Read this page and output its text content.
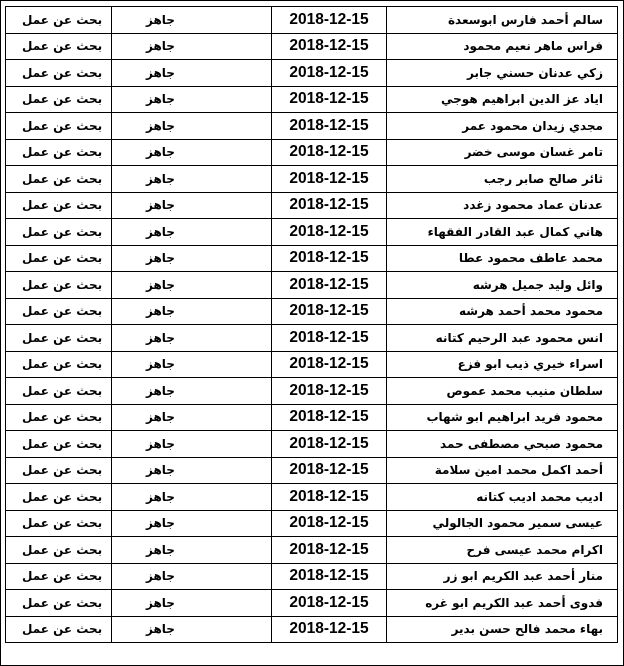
بحث عن عمل	جاهز	2018-12-15	سالم أحمد فارس ابوسعدة
بحث عن عمل	جاهز	2018-12-15	فراس ماهر نعيم محمود
بحث عن عمل	جاهز	2018-12-15	زكي عدنان حسني جابر
بحث عن عمل	جاهز	2018-12-15	اياد عز الدين ابراهيم هوجي
بحث عن عمل	جاهز	2018-12-15	مجدي زيدان محمود عمر
بحث عن عمل	جاهز	2018-12-15	تامر غسان موسى خضر
بحث عن عمل	جاهز	2018-12-15	ثائر صالح صابر رجب
بحث عن عمل	جاهز	2018-12-15	عدنان عماد محمود زغدد
بحث عن عمل	جاهز	2018-12-15	هاني كمال عبد القادر الفقهاء
بحث عن عمل	جاهز	2018-12-15	محمد عاطف محمود عطا
بحث عن عمل	جاهز	2018-12-15	وائل وليد جميل هرشه
بحث عن عمل	جاهز	2018-12-15	محمود محمد أحمد هرشه
بحث عن عمل	جاهز	2018-12-15	انس محمود عبد الرحيم كتانه
بحث عن عمل	جاهز	2018-12-15	اسراء خيري ذيب ابو فزع
بحث عن عمل	جاهز	2018-12-15	سلطان منيب محمد عموص
بحث عن عمل	جاهز	2018-12-15	محمود فريد ابراهيم ابو شهاب
بحث عن عمل	جاهز	2018-12-15	محمود صبحي مصطفى حمد
بحث عن عمل	جاهز	2018-12-15	أحمد اكمل محمد امين سلامة
بحث عن عمل	جاهز	2018-12-15	اديب محمد اديب كتانه
بحث عن عمل	جاهز	2018-12-15	عيسى سمير محمود الجالولي
بحث عن عمل	جاهز	2018-12-15	اكرام محمد عيسى فرح
بحث عن عمل	جاهز	2018-12-15	منار أحمد عبد الكريم ابو زر
بحث عن عمل	جاهز	2018-12-15	فدوى أحمد عبد الكريم ابو غره
بحث عن عمل	جاهز	2018-12-15	بهاء محمد فالح حسن بدير
